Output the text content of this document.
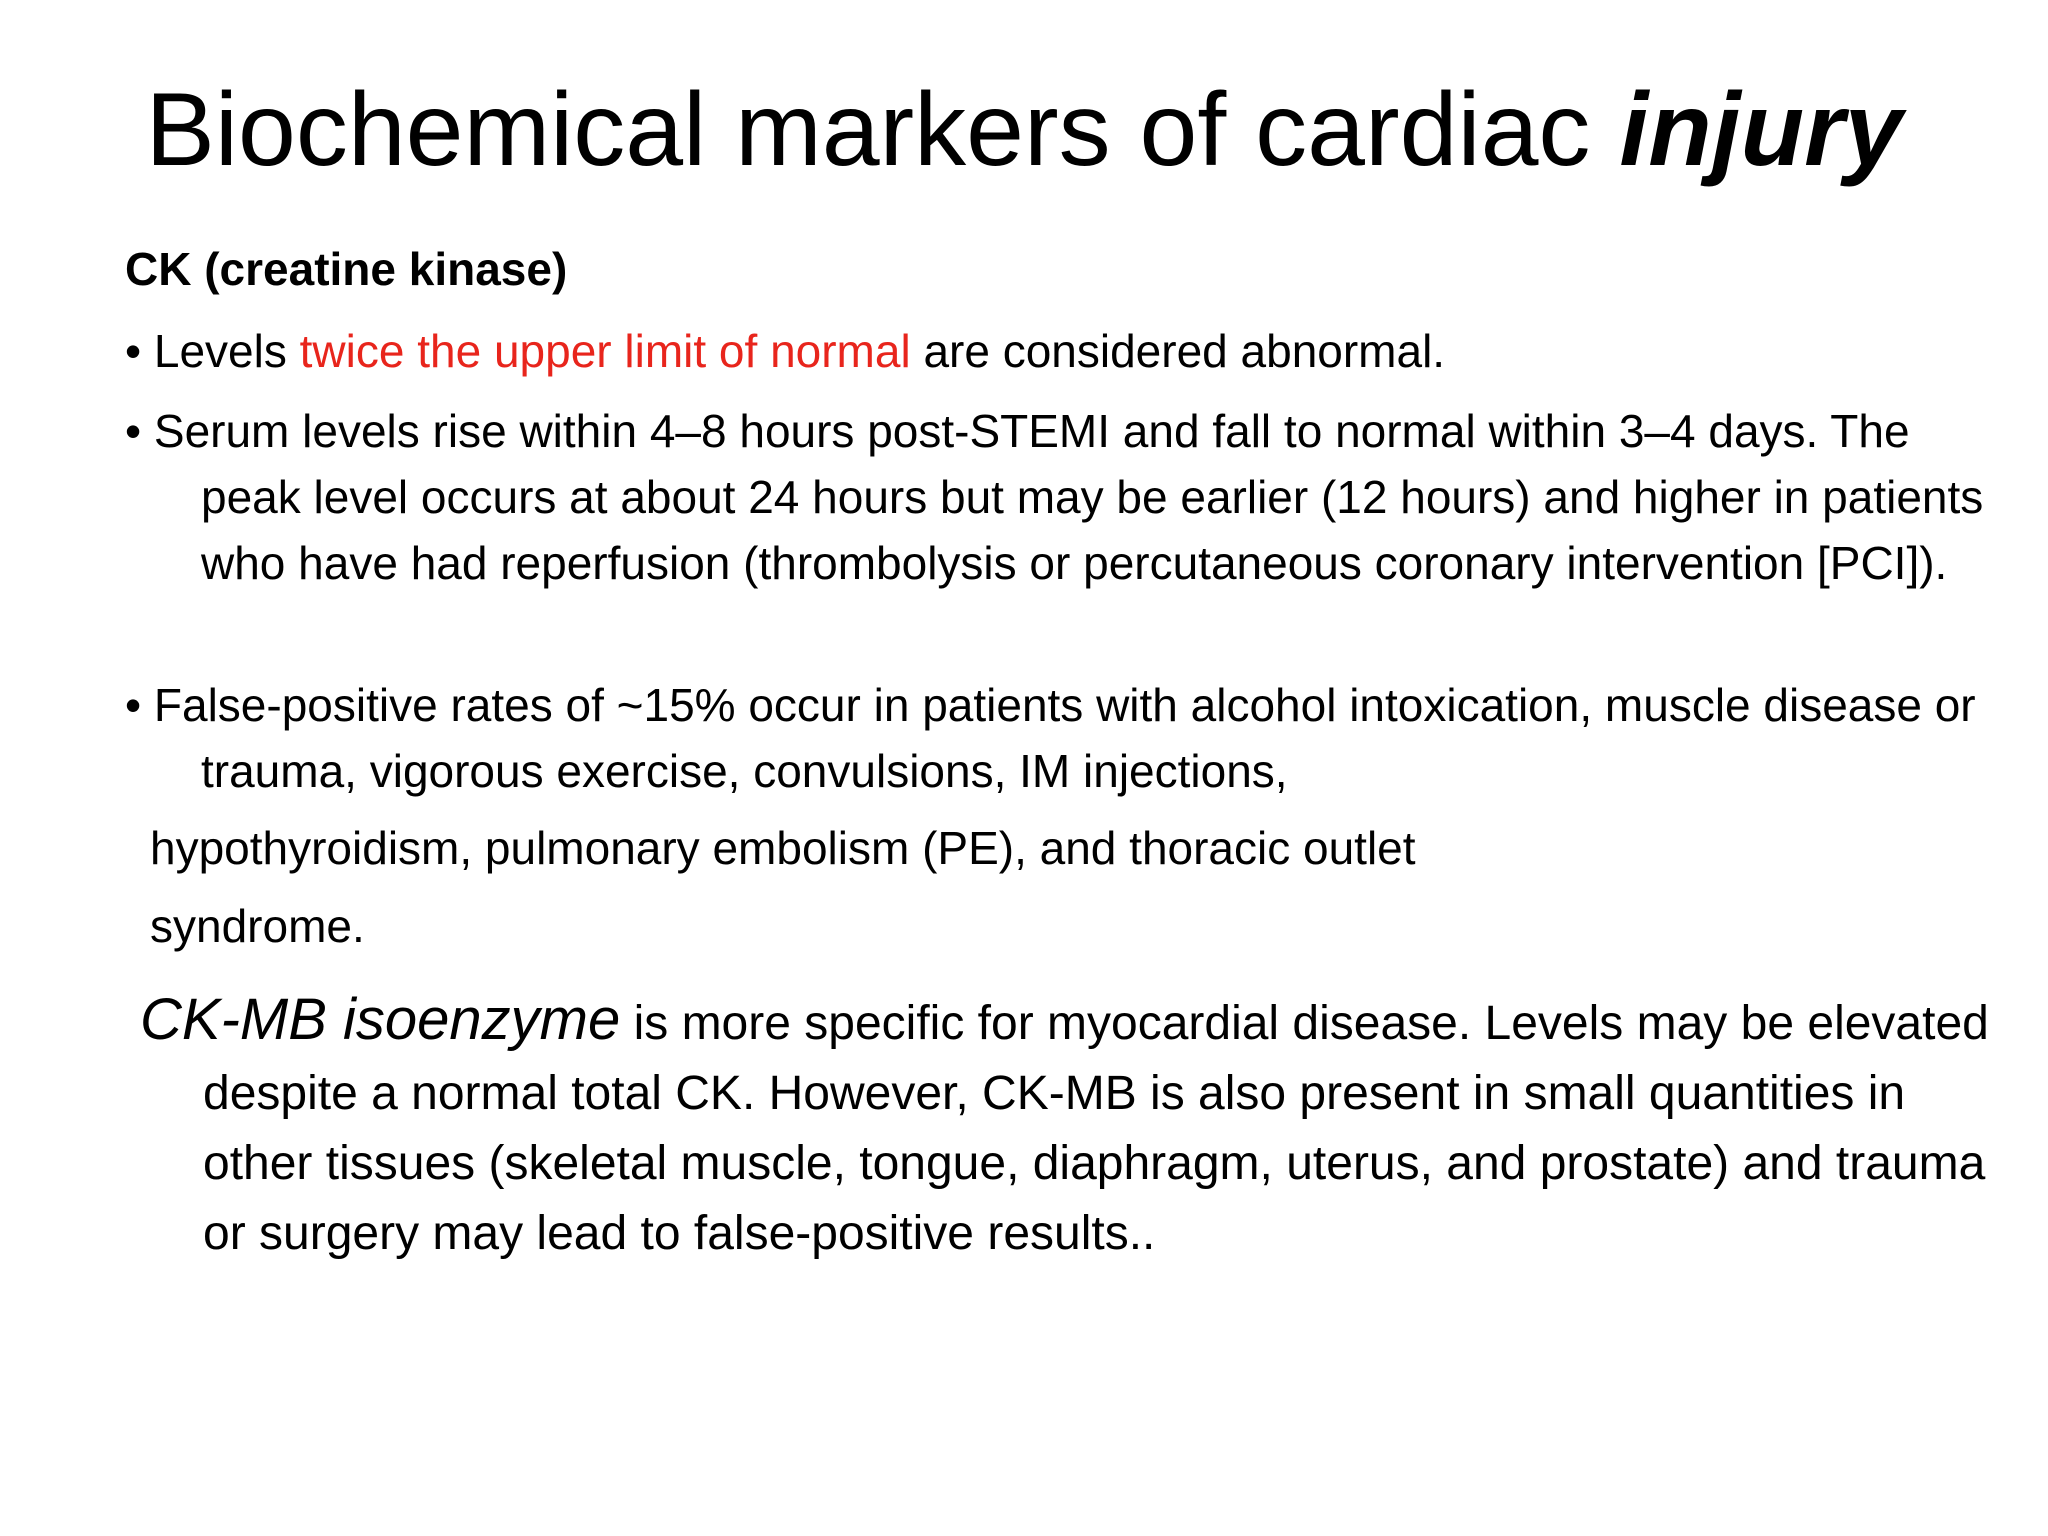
Biochemical markers of cardiac injury
CK (creatine kinase)
• Levels twice the upper limit of normal are considered abnormal.
• Serum levels rise within 4–8 hours post-STEMI and fall to normal within 3–4 days. The peak level occurs at about 24 hours but may be earlier (12 hours) and higher in patients who have had reperfusion (thrombolysis or percutaneous coronary intervention [PCI]).
• False-positive rates of ~15% occur in patients with alcohol intoxication, muscle disease or trauma, vigorous exercise, convulsions, IM injections,
hypothyroidism, pulmonary embolism (PE), and thoracic outlet
syndrome.
CK-MB isoenzyme is more specific for myocardial disease. Levels may be elevated despite a normal total CK. However, CK-MB is also present in small quantities in other tissues (skeletal muscle, tongue, diaphragm, uterus, and prostate) and trauma or surgery may lead to false-positive results..
